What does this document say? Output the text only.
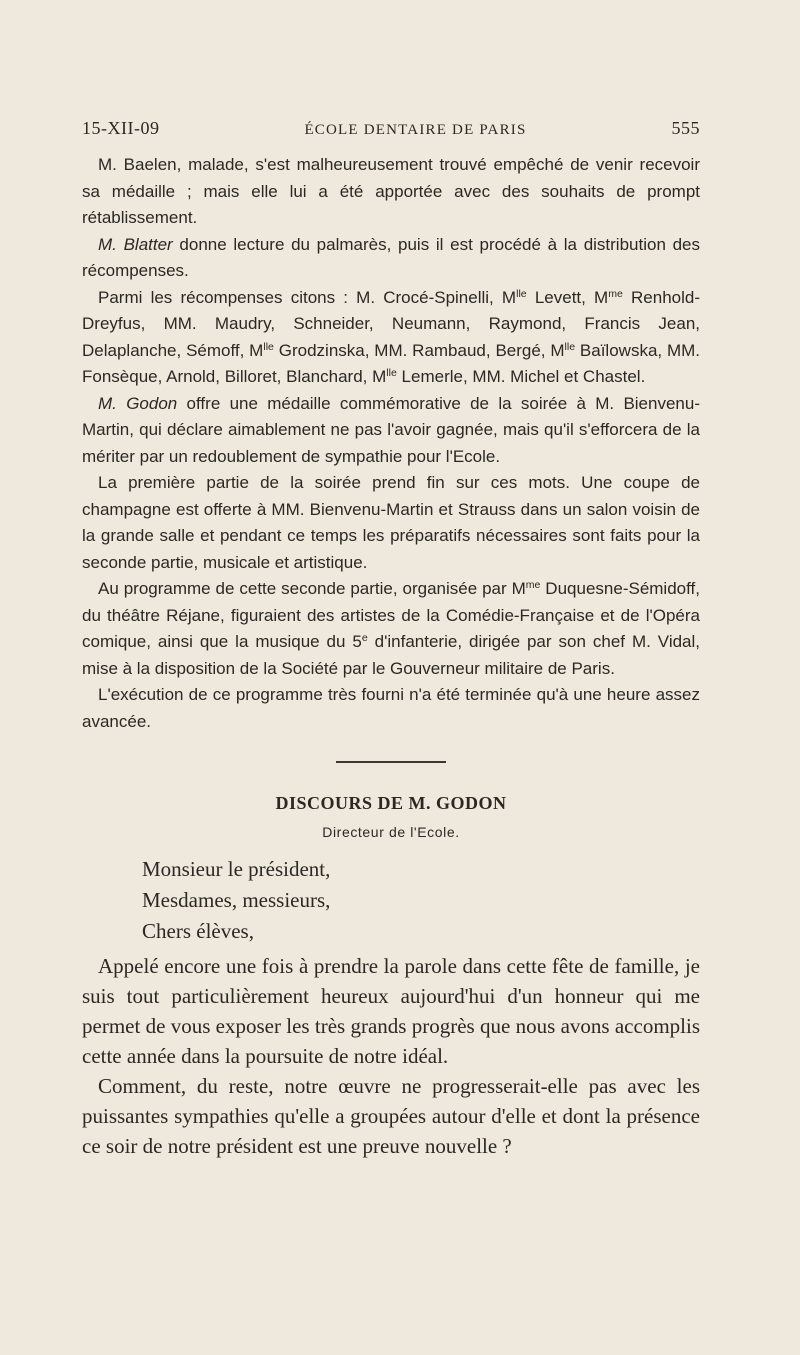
15-XII-09	ÉCOLE DENTAIRE DE PARIS	555

M. Baelen, malade, s'est malheureusement trouvé empêché de venir recevoir sa médaille ; mais elle lui a été apportée avec des souhaits de prompt rétablissement.

M. Blatter donne lecture du palmarès, puis il est procédé à la distribution des récompenses.

Parmi les récompenses citons : M. Crocé-Spinelli, $M^{lle}$ Levett, $M^{me}$ Renhold-Dreyfus, MM. Maudry, Schneider, Neumann, Raymond, Francis Jean, Delaplanche, Sémoff, $M^{lle}$ Grodzinska, MM. Rambaud, Bergé, $M^{lle}$ Baïlowska, MM. Fonsèque, Arnold, Billoret, Blanchard, $M^{lle}$ Lemerle, MM. Michel et Chastel.

M. Godon offre une médaille commémorative de la soirée à M. Bienvenu-Martin, qui déclare aimablement ne pas l'avoir gagnée, mais qu'il s'efforcera de la mériter par un redoublement de sympathie pour l'Ecole.

La première partie de la soirée prend fin sur ces mots. Une coupe de champagne est offerte à MM. Bienvenu-Martin et Strauss dans un salon voisin de la grande salle et pendant ce temps les préparatifs nécessaires sont faits pour la seconde partie, musicale et artistique.

Au programme de cette seconde partie, organisée par $M^{me}$ Duquesne-Sémidoff, du théâtre Réjane, figuraient des artistes de la Comédie-Française et de l'Opéra comique, ainsi que la musique du 5e d'infanterie, dirigée par son chef M. Vidal, mise à la disposition de la Société par le Gouverneur militaire de Paris.

L'exécution de ce programme très fourni n'a été terminée qu'à une heure assez avancée.

DISCOURS DE M. GODON
Directeur de l'Ecole.
Monsieur le président,
Mesdames, messieurs,
Chers élèves,

Appelé encore une fois à prendre la parole dans cette fête de famille, je suis tout particulièrement heureux aujourd'hui d'un honneur qui me permet de vous exposer les très grands progrès que nous avons accomplis cette année dans la poursuite de notre idéal.

Comment, du reste, notre œuvre ne progresserait-elle pas avec les puissantes sympathies qu'elle a groupées autour d'elle et dont la présence ce soir de notre président est une preuve nouvelle ?
